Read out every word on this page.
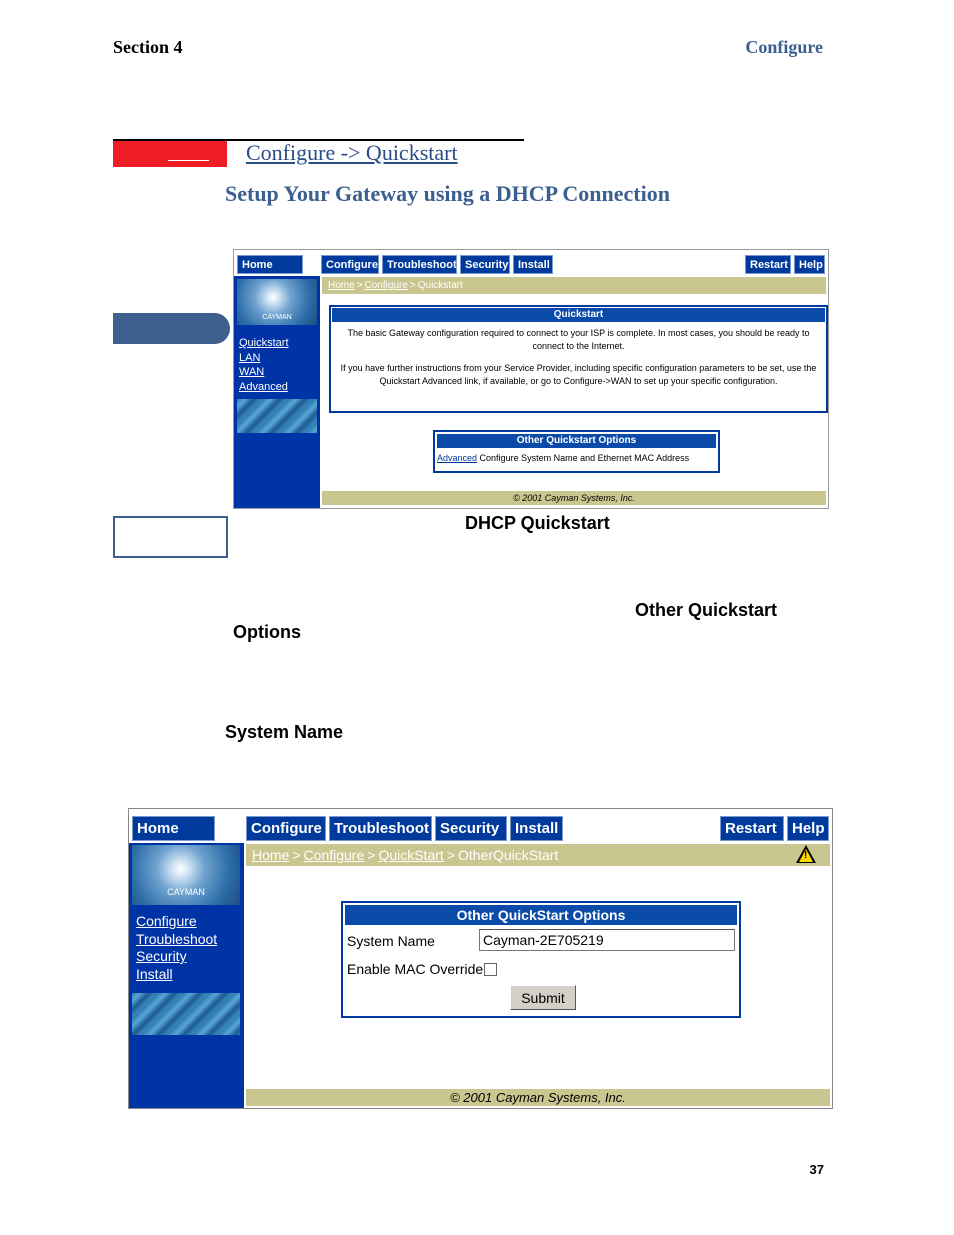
Section 4	Configure
Configure -> Quickstart
Setup Your Gateway using a DHCP Connection
Home	Configure Troubleshoot Security Install	Restart	Help
CAYMAN
Quickstart
LAN
WAN
Advanced
Home > Configure > Quickstart
Quickstart
The basic Gateway configuration required to connect to your ISP is complete. In most cases, you should be ready to connect to the Internet.
If you have further instructions from your Service Provider, including specific configuration parameters to be set, use the Quickstart Advanced link, if available, or go to Configure->WAN to set up your specific configuration.
Other Quickstart Options
Advanced Configure System Name and Ethernet MAC Address
© 2001 Cayman Systems, Inc.
DHCP Quickstart
Other Quickstart
Options
System Name
Home	Configure Troubleshoot Security	Install	Restart	Help
CAYMAN
Configure
Troubleshoot
Security
Install
Home > Configure > QuickStart > OtherQuickStart	!
Other QuickStart Options
System Name	Cayman-2E705219
Enable MAC Override
Submit
© 2001 Cayman Systems, Inc.
37
